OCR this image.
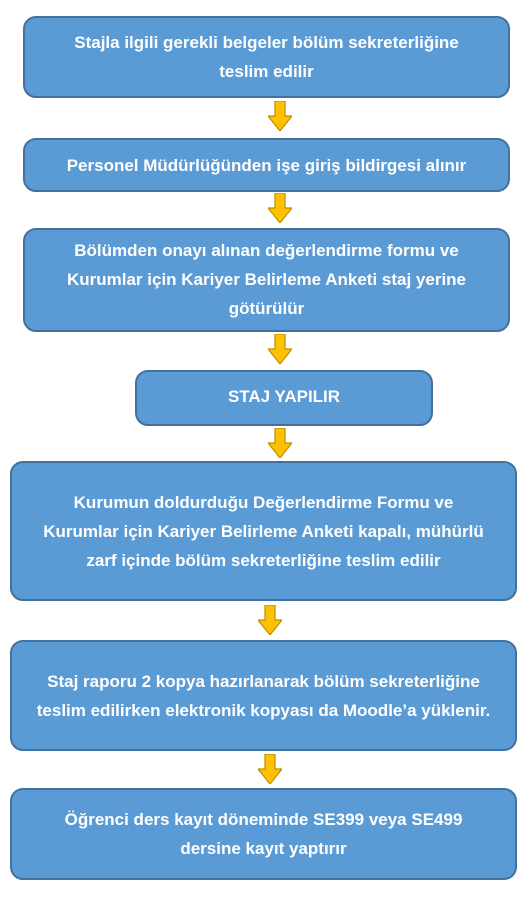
Stajla ilgili gerekli belgeler bölüm sekreterliğine teslim edilir
Personel Müdürlüğünden işe giriş bildirgesi alınır
Bölümden onayı alınan değerlendirme formu ve Kurumlar için Kariyer Belirleme Anketi staj yerine götürülür
STAJ YAPILIR
Kurumun doldurduğu Değerlendirme Formu ve Kurumlar için Kariyer Belirleme Anketi kapalı, mühürlü zarf içinde bölüm sekreterliğine teslim edilir
Staj raporu 2 kopya hazırlanarak bölüm sekreterliğine teslim edilirken elektronik kopyası da Moodle’a yüklenir.
Öğrenci ders kayıt döneminde SE399 veya SE499 dersine kayıt yaptırır
